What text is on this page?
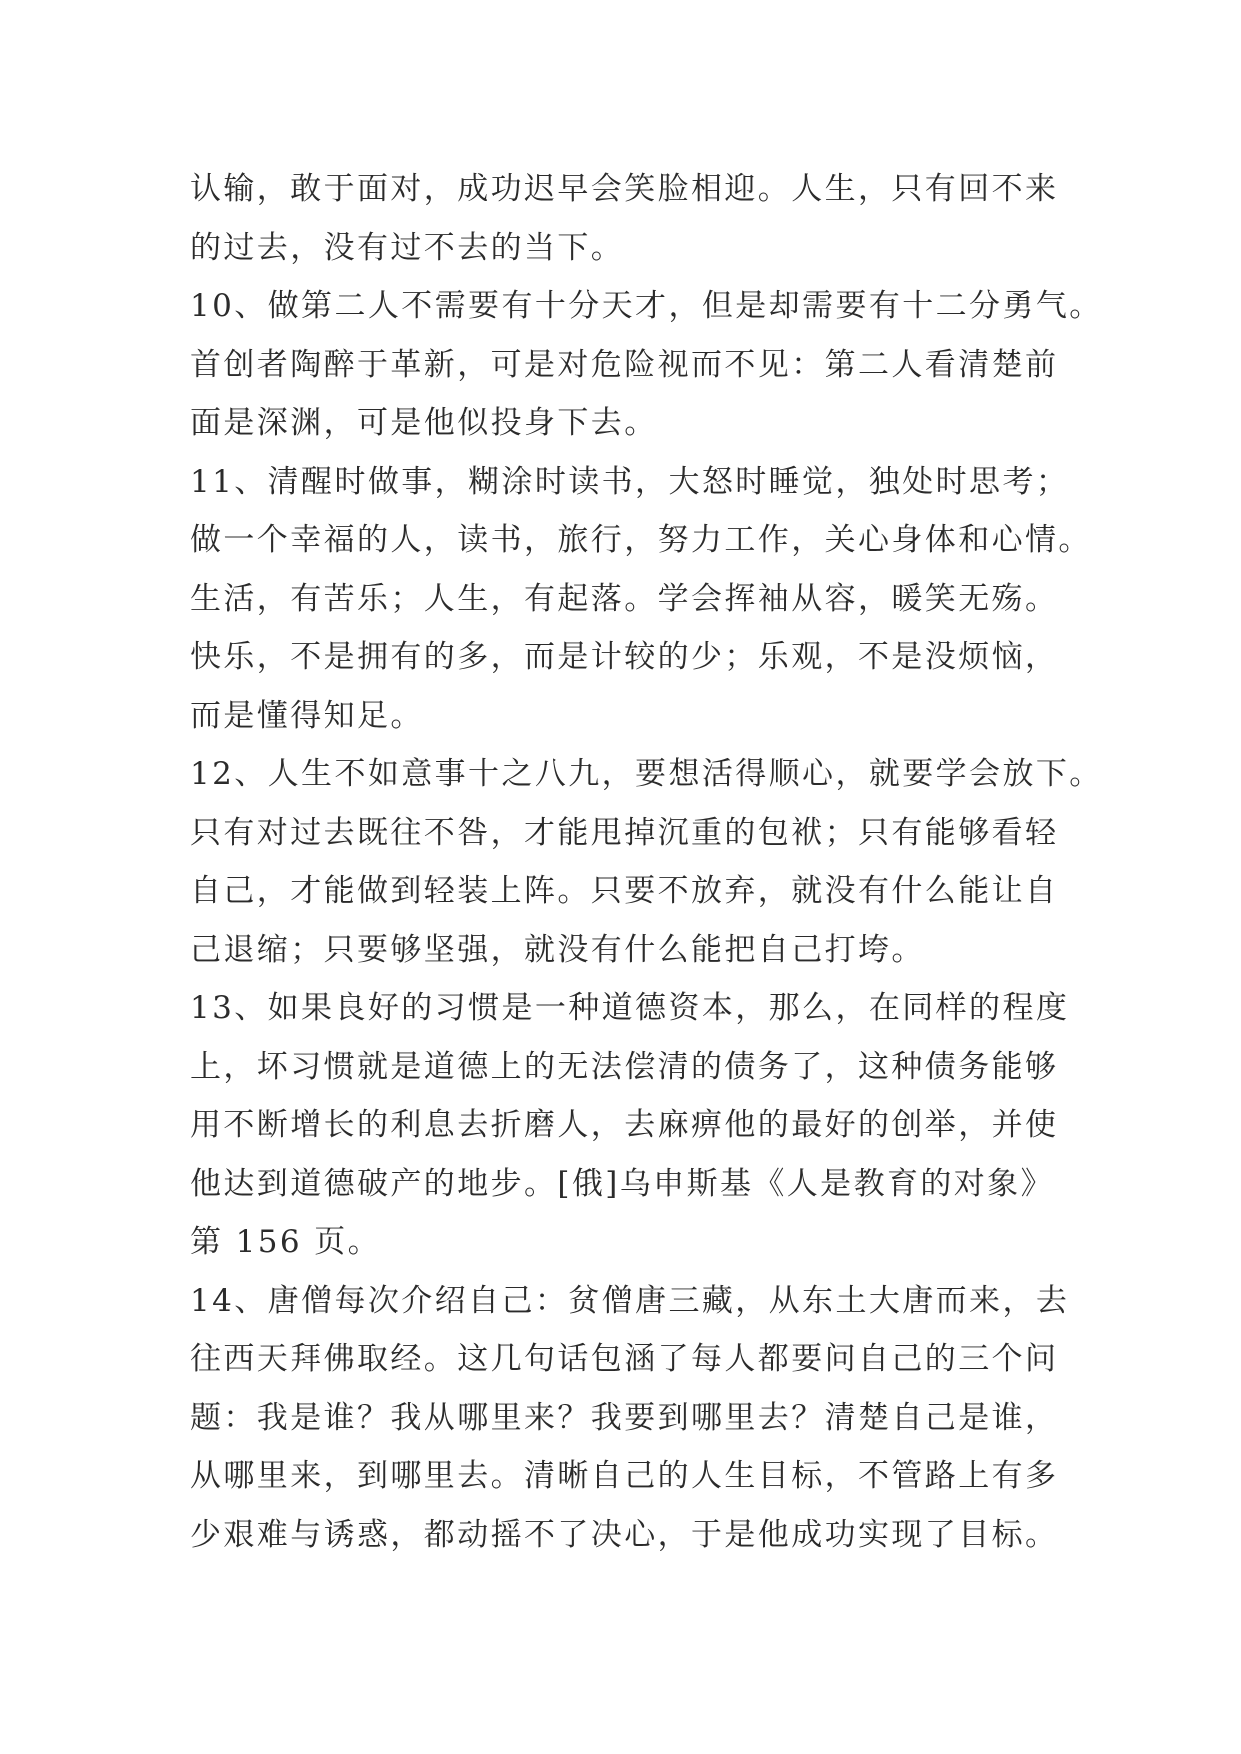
认输，敢于面对，成功迟早会笑脸相迎。人生，只有回不来
的过去，没有过不去的当下。
10、做第二人不需要有十分天才，但是却需要有十二分勇气。
首创者陶醉于革新，可是对危险视而不见：第二人看清楚前
面是深渊，可是他似投身下去。
11、清醒时做事，糊涂时读书，大怒时睡觉，独处时思考；
做一个幸福的人，读书，旅行，努力工作，关心身体和心情。
生活，有苦乐；人生，有起落。学会挥袖从容，暖笑无殇。
快乐，不是拥有的多，而是计较的少；乐观，不是没烦恼，
而是懂得知足。
12、人生不如意事十之八九，要想活得顺心，就要学会放下。
只有对过去既往不咎，才能甩掉沉重的包袱；只有能够看轻
自己，才能做到轻装上阵。只要不放弃，就没有什么能让自
己退缩；只要够坚强，就没有什么能把自己打垮。
13、如果良好的习惯是一种道德资本，那么，在同样的程度
上，坏习惯就是道德上的无法偿清的债务了，这种债务能够
用不断增长的利息去折磨人，去麻痹他的最好的创举，并使
他达到道德破产的地步。[俄]乌申斯基《人是教育的对象》
第 156 页。
14、唐僧每次介绍自己：贫僧唐三藏，从东土大唐而来，去
往西天拜佛取经。这几句话包涵了每人都要问自己的三个问
题：我是谁？我从哪里来？我要到哪里去？清楚自己是谁，
从哪里来，到哪里去。清晰自己的人生目标，不管路上有多
少艰难与诱惑，都动摇不了决心，于是他成功实现了目标。
